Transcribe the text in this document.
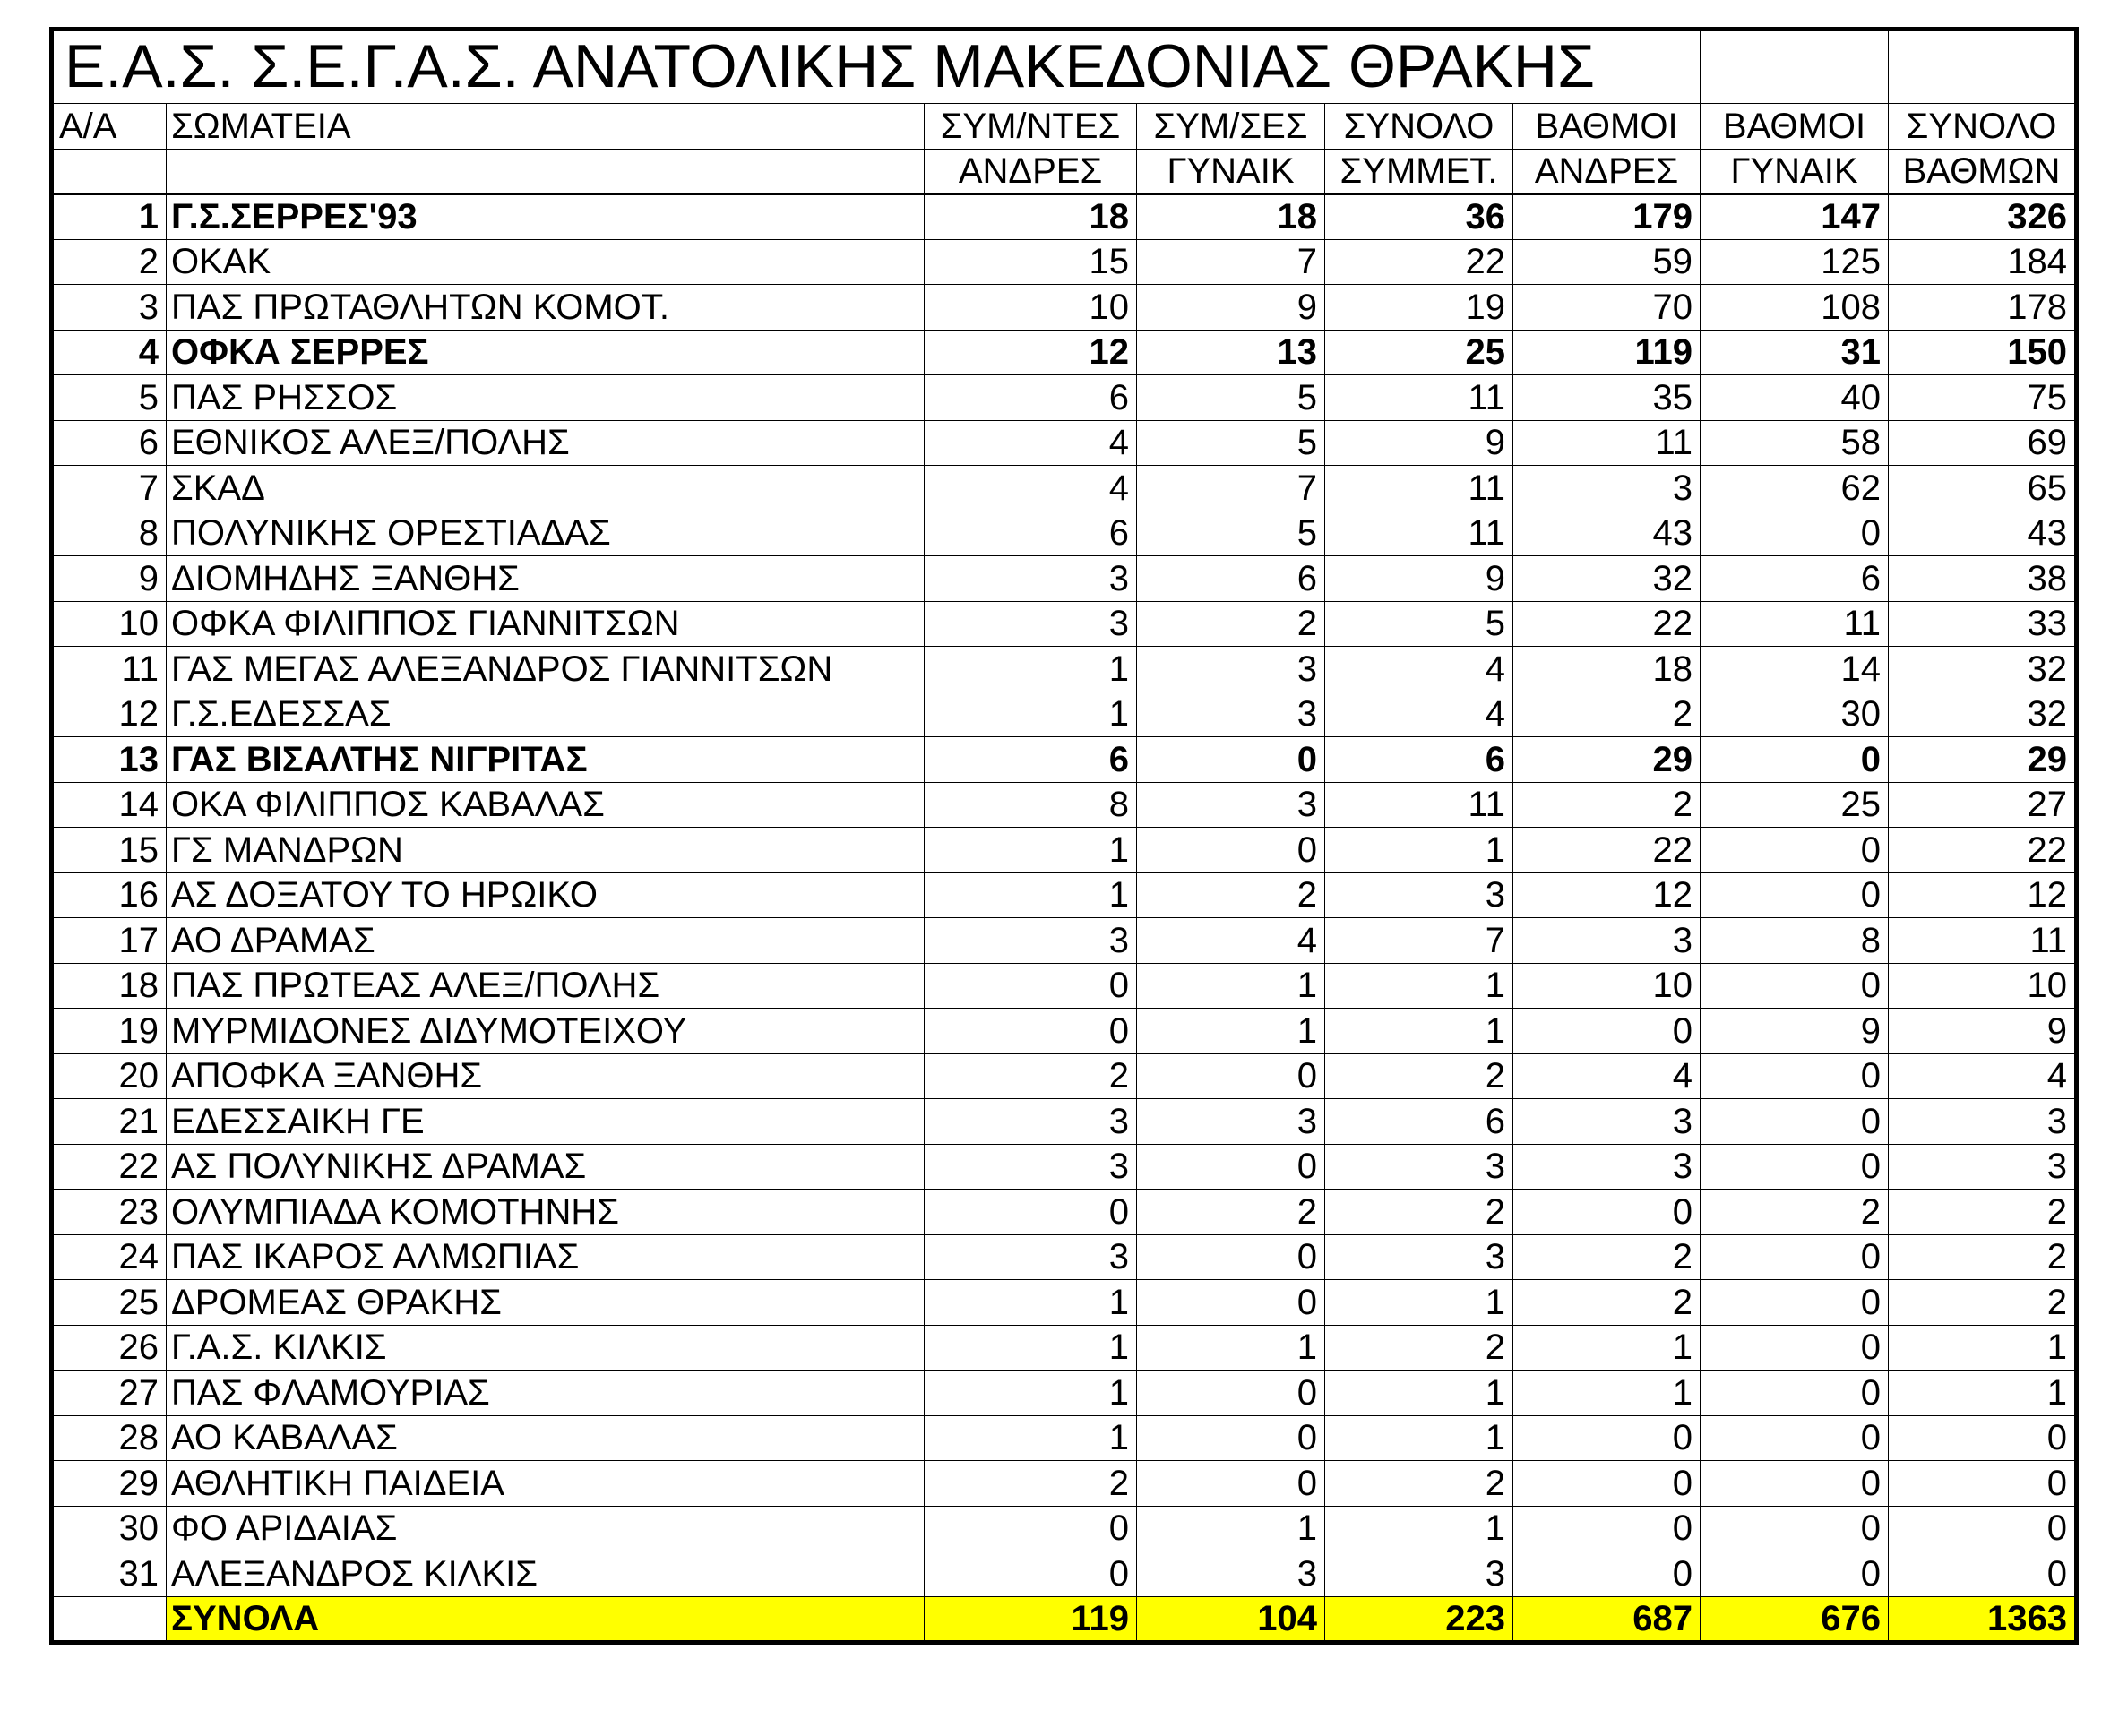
Ε.Α.Σ. Σ.Ε.Γ.Α.Σ. ΑΝΑΤΟΛΙΚΗΣ ΜΑΚΕΔΟΝΙΑΣ ΘΡΑΚΗΣ							
Α/Α	ΣΩΜΑΤΕΙΑ	ΣΥΜ/ΝΤΕΣ	ΣΥΜ/ΣΕΣ	ΣΥΝΟΛΟ	ΒΑΘΜΟΙ	ΒΑΘΜΟΙ	ΣΥΝΟΛΟ
		ΑΝΔΡΕΣ	ΓΥΝΑΙΚ	ΣΥΜΜΕΤ.	ΑΝΔΡΕΣ	ΓΥΝΑΙΚ	ΒΑΘΜΩΝ
1	Γ.Σ.ΣΕΡΡΕΣ'93	18	18	36	179	147	326
2	ΟΚΑΚ	15	7	22	59	125	184
3	ΠΑΣ ΠΡΩΤΑΘΛΗΤΩΝ ΚΟΜΟΤ.	10	9	19	70	108	178
4	ΟΦΚΑ ΣΕΡΡΕΣ	12	13	25	119	31	150
5	ΠΑΣ ΡΗΣΣΟΣ	6	5	11	35	40	75
6	ΕΘΝΙΚΟΣ ΑΛΕΞ/ΠΟΛΗΣ	4	5	9	11	58	69
7	ΣΚΑΔ	4	7	11	3	62	65
8	ΠΟΛΥΝΙΚΗΣ ΟΡΕΣΤΙΑΔΑΣ	6	5	11	43	0	43
9	ΔΙΟΜΗΔΗΣ ΞΑΝΘΗΣ	3	6	9	32	6	38
10	ΟΦΚΑ ΦΙΛΙΠΠΟΣ ΓΙΑΝΝΙΤΣΩΝ	3	2	5	22	11	33
11	ΓΑΣ ΜΕΓΑΣ ΑΛΕΞΑΝΔΡΟΣ ΓΙΑΝΝΙΤΣΩΝ	1	3	4	18	14	32
12	Γ.Σ.ΕΔΕΣΣΑΣ	1	3	4	2	30	32
13	ΓΑΣ ΒΙΣΑΛΤΗΣ ΝΙΓΡΙΤΑΣ	6	0	6	29	0	29
14	ΟΚΑ ΦΙΛΙΠΠΟΣ ΚΑΒΑΛΑΣ	8	3	11	2	25	27
15	ΓΣ ΜΑΝΔΡΩΝ	1	0	1	22	0	22
16	ΑΣ ΔΟΞΑΤΟΥ ΤΟ ΗΡΩΙΚΟ	1	2	3	12	0	12
17	ΑΟ ΔΡΑΜΑΣ	3	4	7	3	8	11
18	ΠΑΣ ΠΡΩΤΕΑΣ ΑΛΕΞ/ΠΟΛΗΣ	0	1	1	10	0	10
19	ΜΥΡΜΙΔΟΝΕΣ ΔΙΔΥΜΟΤΕΙΧΟΥ	0	1	1	0	9	9
20	ΑΠΟΦΚΑ ΞΑΝΘΗΣ	2	0	2	4	0	4
21	ΕΔΕΣΣΑΙΚΗ ΓΕ	3	3	6	3	0	3
22	ΑΣ ΠΟΛΥΝΙΚΗΣ ΔΡΑΜΑΣ	3	0	3	3	0	3
23	ΟΛΥΜΠΙΑΔΑ ΚΟΜΟΤΗΝΗΣ	0	2	2	0	2	2
24	ΠΑΣ ΙΚΑΡΟΣ ΑΛΜΩΠΙΑΣ	3	0	3	2	0	2
25	ΔΡΟΜΕΑΣ ΘΡΑΚΗΣ	1	0	1	2	0	2
26	Γ.Α.Σ. ΚΙΛΚΙΣ	1	1	2	1	0	1
27	ΠΑΣ ΦΛΑΜΟΥΡΙΑΣ	1	0	1	1	0	1
28	ΑΟ ΚΑΒΑΛΑΣ	1	0	1	0	0	0
29	ΑΘΛΗΤΙΚΗ ΠΑΙΔΕΙΑ	2	0	2	0	0	0
30	ΦΟ ΑΡΙΔΑΙΑΣ	0	1	1	0	0	0
31	ΑΛΕΞΑΝΔΡΟΣ ΚΙΛΚΙΣ	0	3	3	0	0	0
	ΣΥΝΟΛΑ	119	104	223	687	676	1363
